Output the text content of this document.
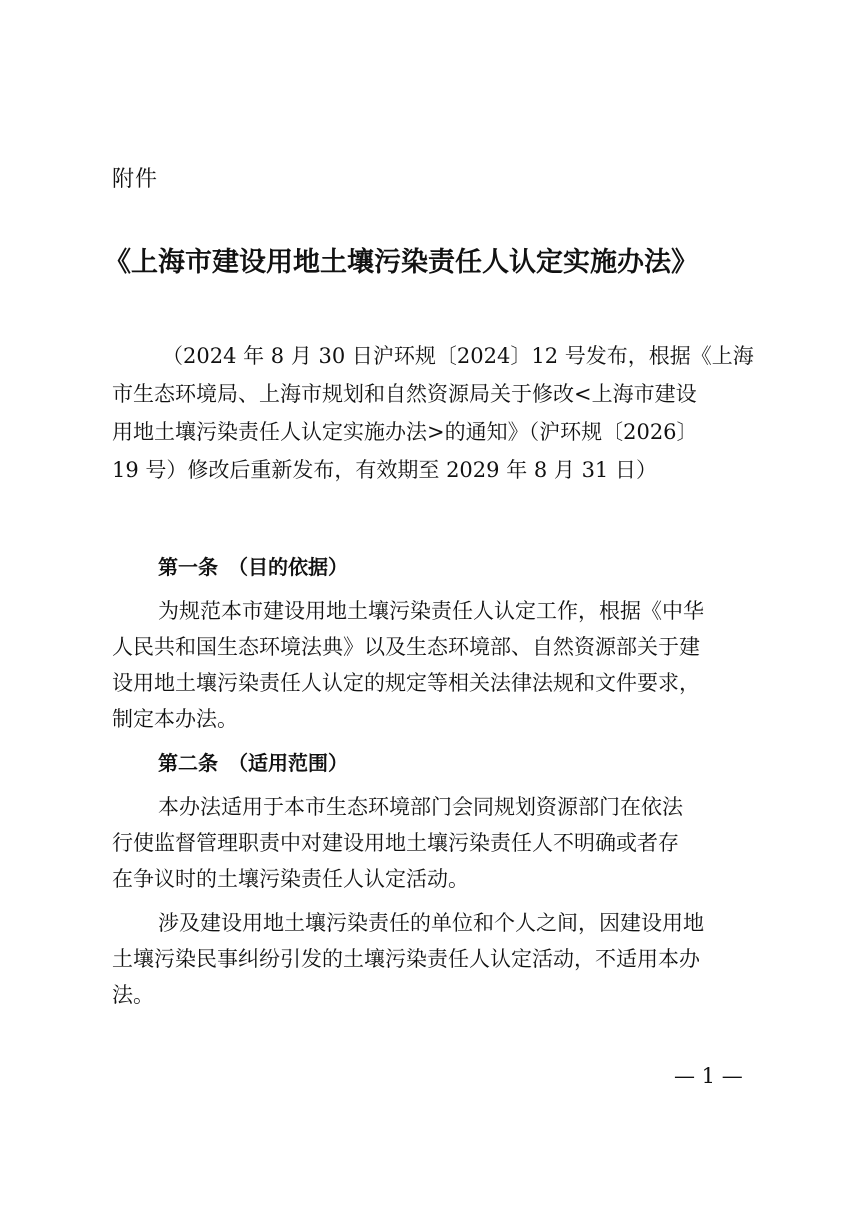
附件
《上海市建设用地土壤污染责任人认定实施办法》
（2024 年 8 月 30 日沪环规〔2024〕12 号发布，根据《上海
市生态环境局、上海市规划和自然资源局关于修改<上海市建设
用地土壤污染责任人认定实施办法>的通知》（沪环规〔2026〕
19 号）修改后重新发布，有效期至 2029 年 8 月 31 日）
第一条　（目的依据）
为规范本市建设用地土壤污染责任人认定工作，根据《中华
人民共和国生态环境法典》以及生态环境部、自然资源部关于建
设用地土壤污染责任人认定的规定等相关法律法规和文件要求，
制定本办法。
第二条　（适用范围）
本办法适用于本市生态环境部门会同规划资源部门在依法
行使监督管理职责中对建设用地土壤污染责任人不明确或者存
在争议时的土壤污染责任人认定活动。
涉及建设用地土壤污染责任的单位和个人之间，因建设用地
土壤污染民事纠纷引发的土壤污染责任人认定活动，不适用本办
法。
— 1 —
